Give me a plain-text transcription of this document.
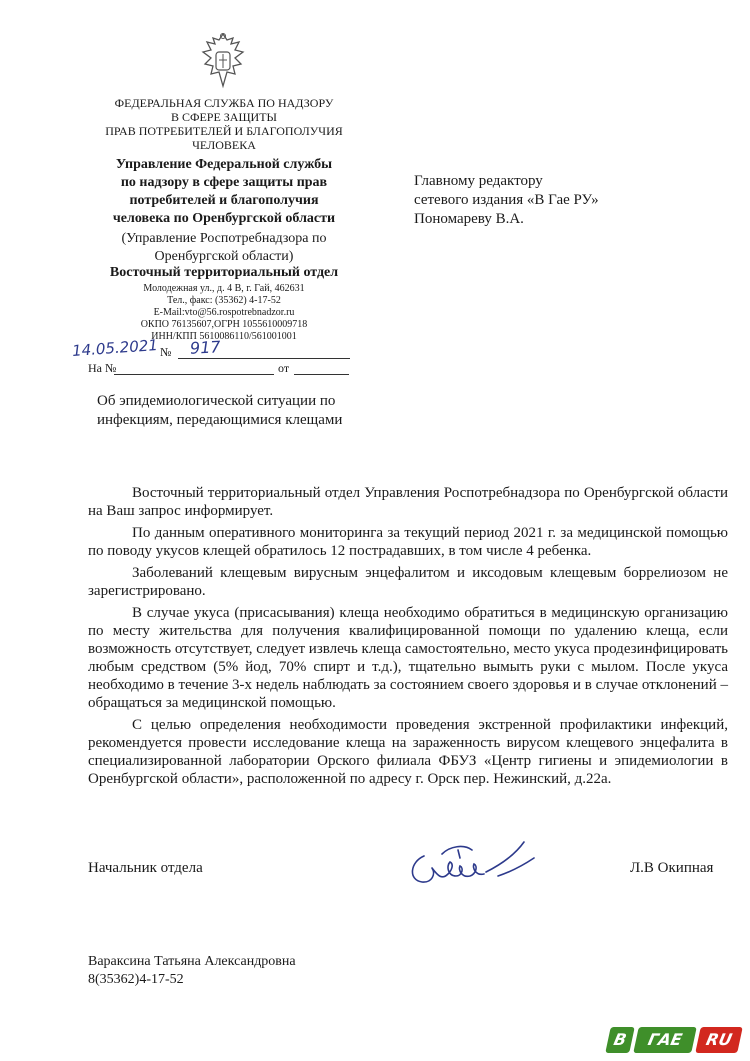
ФЕДЕРАЛЬНАЯ СЛУЖБА ПО НАДЗОРУ
В СФЕРЕ ЗАЩИТЫ
ПРАВ ПОТРЕБИТЕЛЕЙ И БЛАГОПОЛУЧИЯ
ЧЕЛОВЕКА
Управление Федеральной службы
по надзору в сфере защиты прав
потребителей и благополучия
человека по Оренбургской области
(Управление Роспотребнадзора по
Оренбургской области)
Восточный территориальный отдел
Молодежная ул., д. 4 В, г. Гай, 462631
Тел., факс: (35362) 4-17-52
E-Mail:vto@56.rospotrebnadzor.ru
ОКПО 76135607,ОГРН 1055610009718
ИНН/КПП 5610086110/561001001
14.05.2021 № 917
На №	от
Главному редактору
сетевого издания «В Гае РУ»
Пономареву В.А.
Об эпидемиологической ситуации по инфекциям, передающимися клещами

Восточный территориальный отдел Управления Роспотребнадзора по Оренбургской области на Ваш запрос информирует.

По данным оперативного мониторинга за текущий период 2021 г. за медицинской помощью по поводу укусов клещей обратилось 12 пострадавших, в том числе 4 ребенка.

Заболеваний клещевым вирусным энцефалитом и иксодовым клещевым боррелиозом не зарегистрировано.

В случае укуса (присасывания) клеща необходимо обратиться в медицинскую организацию по месту жительства для получения квалифицированной помощи по удалению клеща, если возможность отсутствует, следует извлечь клеща самостоятельно, место укуса продезинфицировать любым средством (5% йод, 70% спирт и т.д.), тщательно вымыть руки с мылом. После укуса необходимо в течение 3-х недель наблюдать за состоянием своего здоровья и в случае отклонений – обращаться за медицинской помощью.

С целью определения необходимости проведения экстренной профилактики инфекций, рекомендуется провести исследование клеща на зараженность вирусом клещевого энцефалита в специализированной лаборатории Орского филиала ФБУЗ «Центр гигиены и эпидемиологии в Оренбургской области», расположенной по адресу г. Орск пер. Нежинский, д.22а.

Начальник отдела	Л.В Окипная
Вараксина Татьяна Александровна
8(35362)4-17-52
В	ГАЕ	RU
